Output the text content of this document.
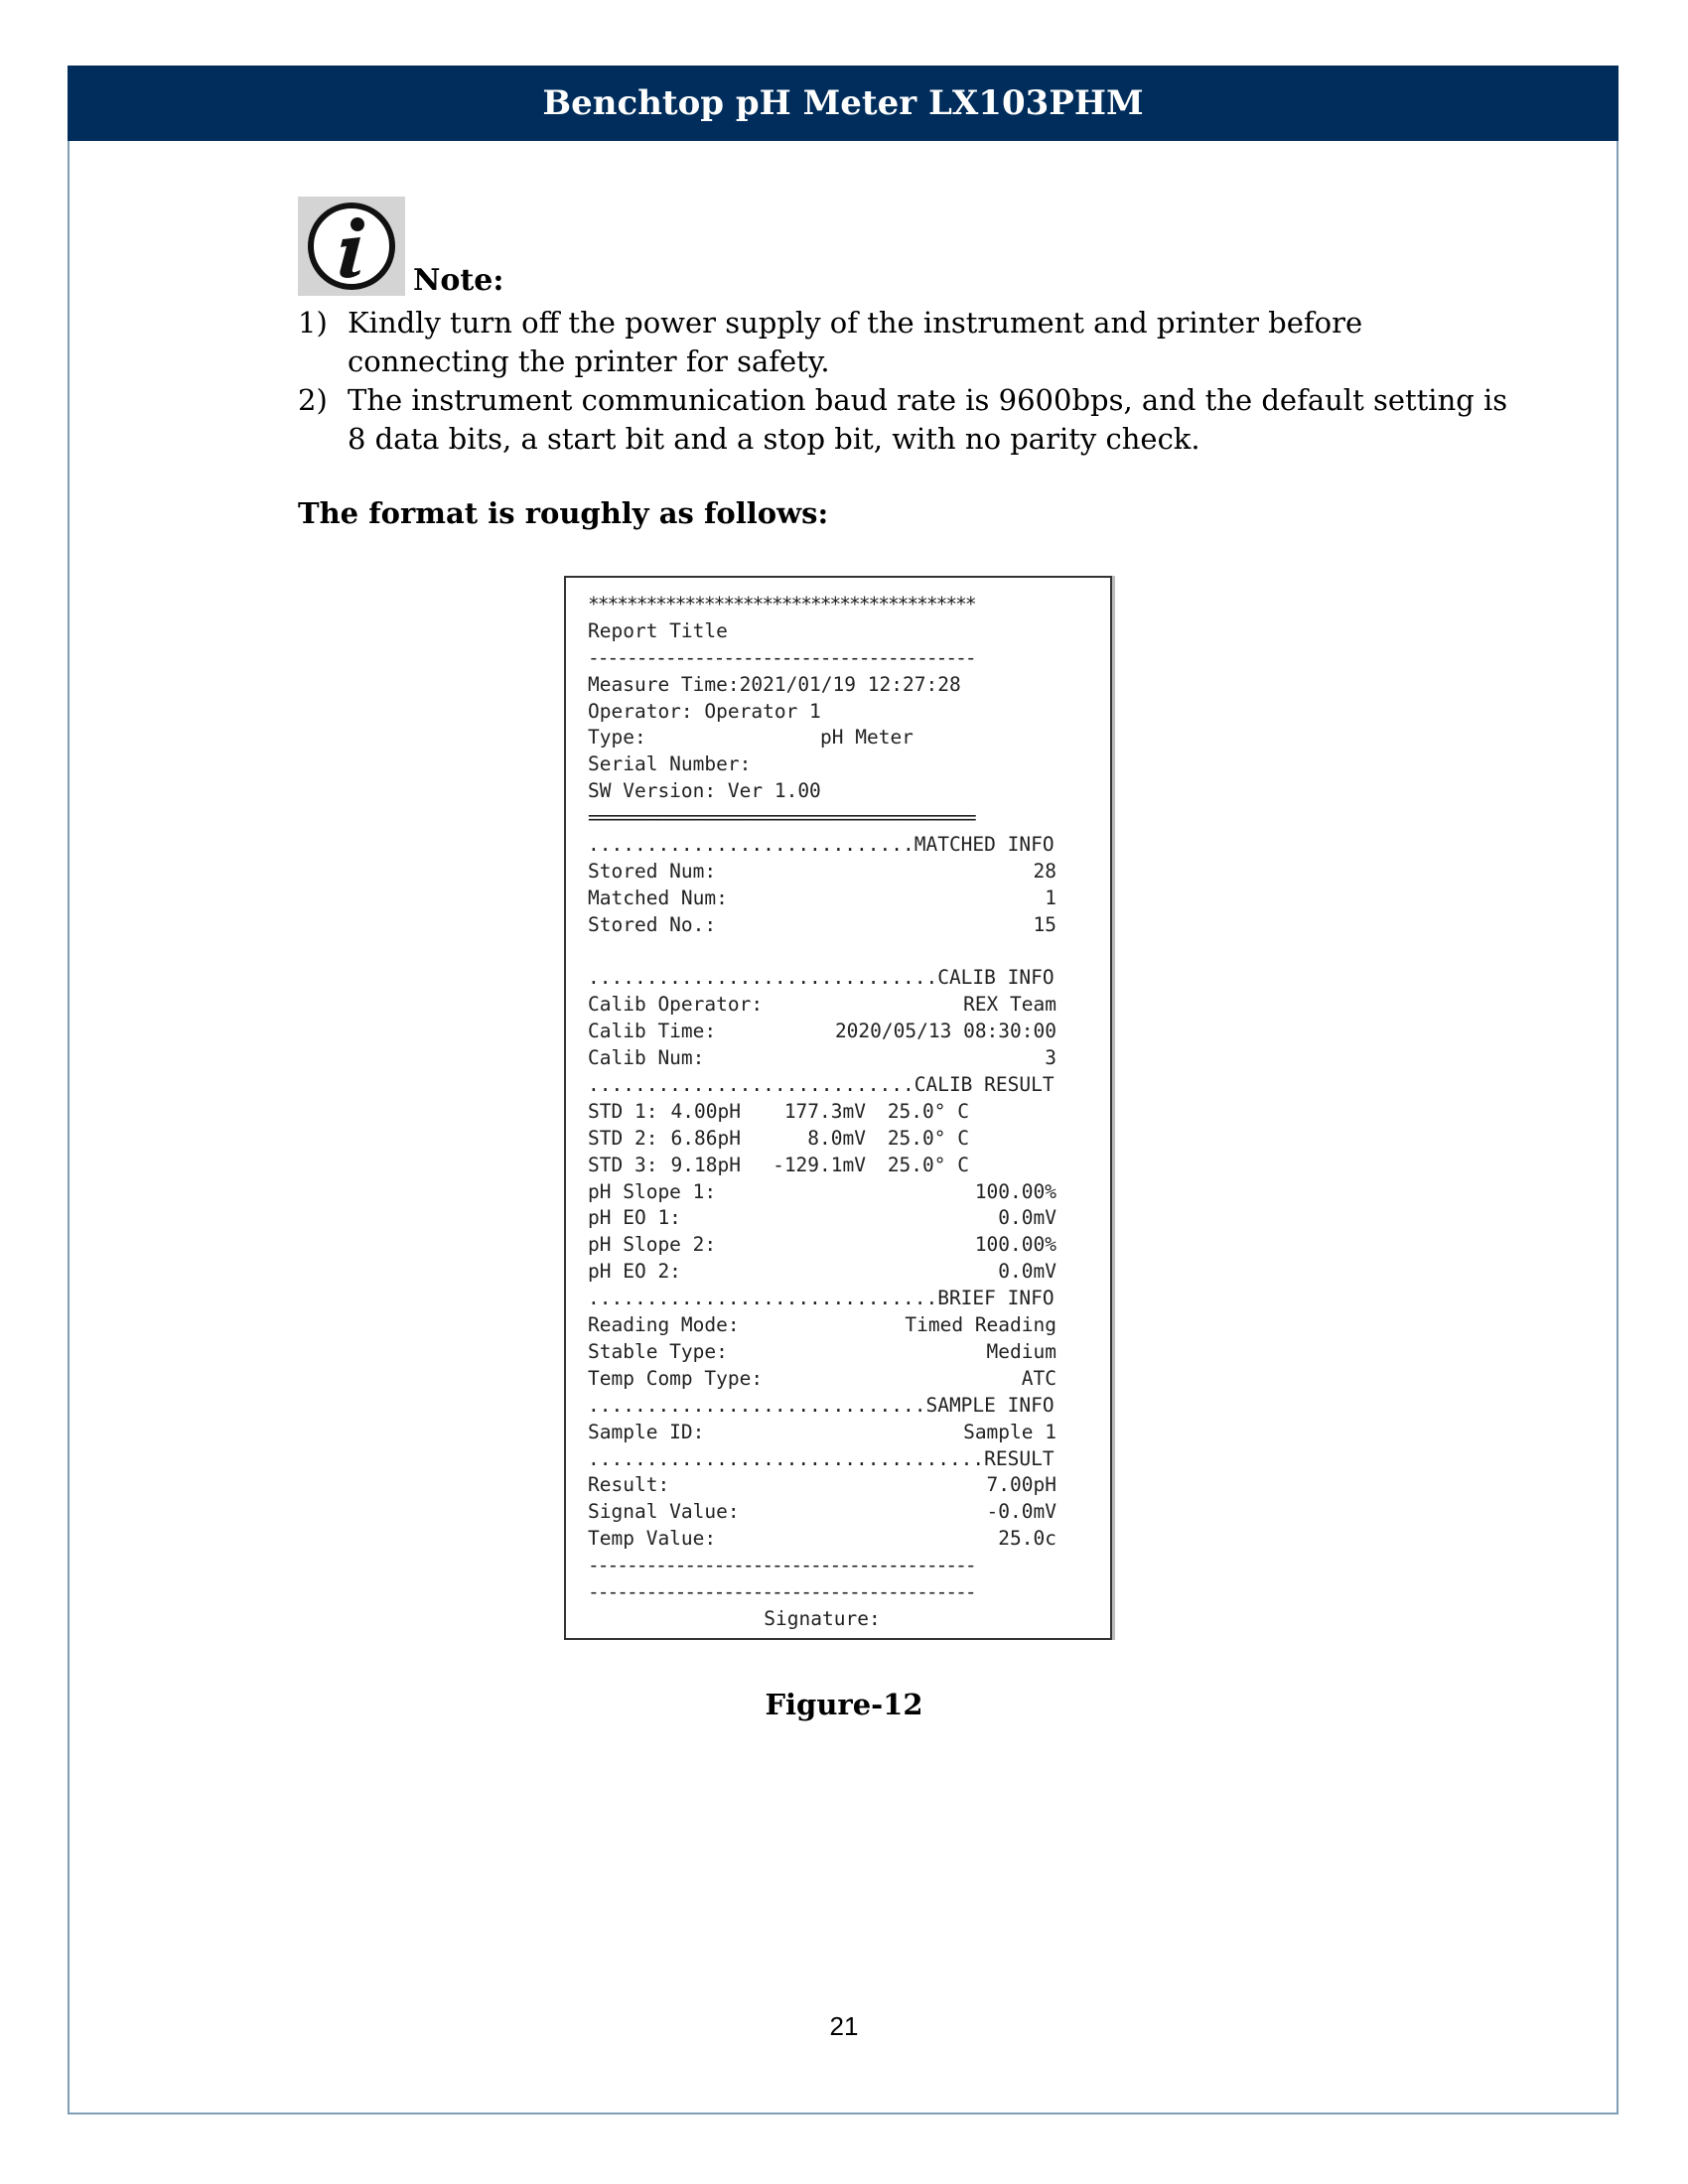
Benchtop pH Meter LX103PHM
Note:
1) Kindly turn off the power supply of the instrument and printer before connecting the printer for safety.
2) The instrument communication baud rate is 9600bps, and the default setting is 8 data bits, a start bit and a stop bit, with no parity check.
The format is roughly as follows:
****************************************
Report Title
----------------------------------------
Measure Time:2021/01/19 12:27:28
Operator: Operator 1
Type:	pH Meter
Serial Number:
SW Version: Ver 1.00
========================================
............................MATCHED INFO
Stored Num:	28
Matched Num:	1
Stored No.:	15
..............................CALIB INFO
Calib Operator:	REX Team
Calib Time:	2020/05/13 08:30:00
Calib Num:	3
............................CALIB RESULT
STD 1: 4.00pH	177.3mV	25.0° C
STD 2: 6.86pH	8.0mV	25.0° C
STD 3: 9.18pH	-129.1mV	25.0° C
pH Slope 1:	100.00%
pH EO 1:	0.0mV
pH Slope 2:	100.00%
pH EO 2:	0.0mV
..............................BRIEF INFO
Reading Mode:	Timed Reading
Stable Type:	Medium
Temp Comp Type:	ATC
.............................SAMPLE INFO
Sample ID:	Sample 1
..................................RESULT
Result:	7.00pH
Signal Value:	-0.0mV
Temp Value:	25.0c
----------------------------------------
----------------------------------------
Signature:
Figure-12
21
